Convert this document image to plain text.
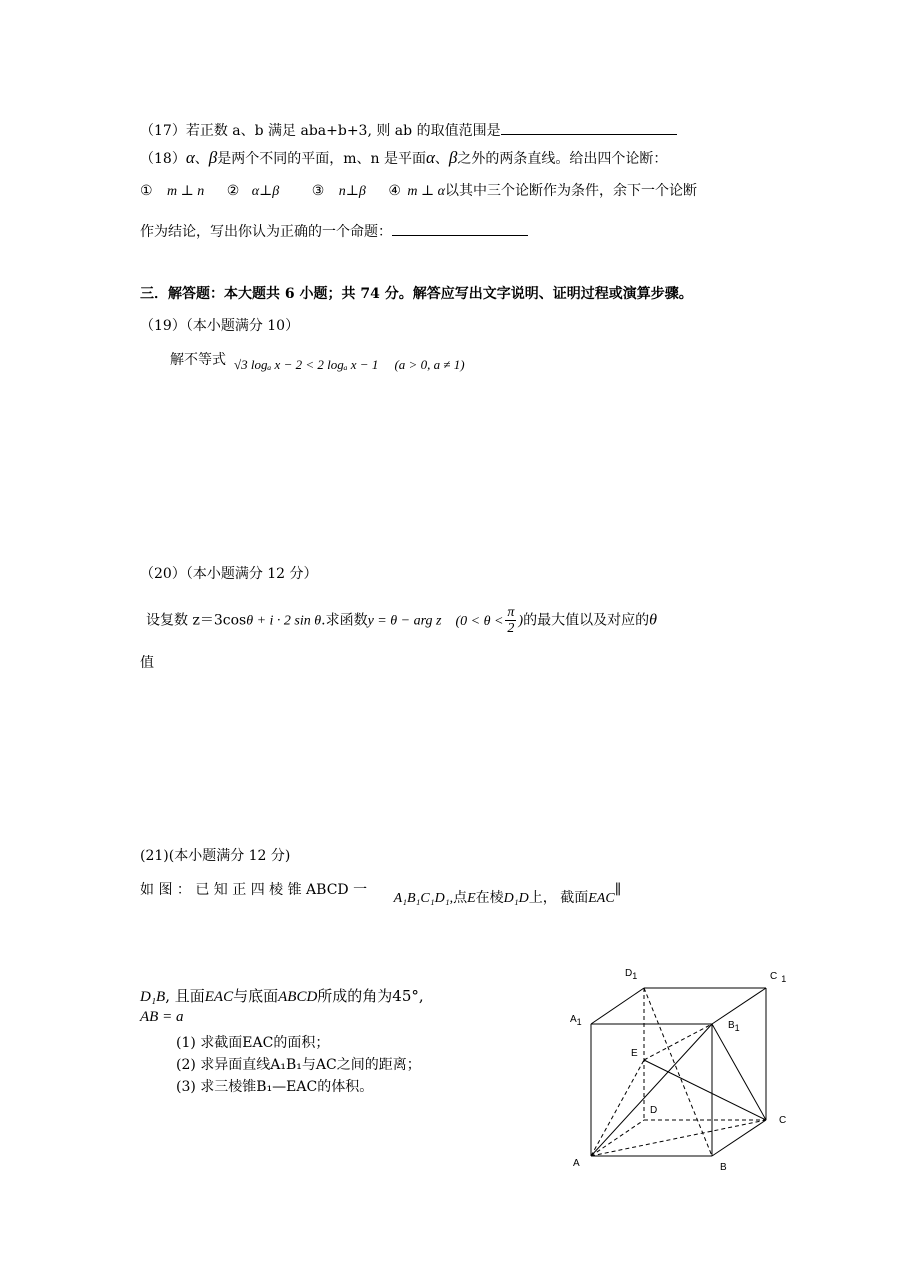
（17）若正数 a、b 满足 aba+b+3, 则 ab 的取值范围是
（18）α、β是两个不同的平面，m、n 是平面α、β之外的两条直线。给出四个论断：
① m ⊥ n ② α⊥β ③ n⊥β ④ m ⊥ α以其中三个论断作为条件，余下一个论断
作为结论，写出你认为正确的一个命题：
三．解答题：本大题共 6 小题；共 74 分。解答应写出文字说明、证明过程或演算步骤。
（19）（本小题满分 10）
解不等式 √3 logₐ x − 2 < 2 logₐ x − 1 (a > 0, a ≠ 1)
（20）（本小题满分 12 分）
设复数 z＝3cosθ + i · 2 sin θ.求函数y = θ − arg z ($0 < \theta < \frac{\pi}{2}$ )的最大值以及对应的θ
值
(21)(本小题满分 12 分)
如 图 ： 已 知 正 四 棱 锥 ABCD 一 A₁B₁C₁D₁,点E在棱D₁D上， 截面EAC∥
D₁B, 且面EAC与底面ABCD所成的角为45°,
AB = a
(1) 求截面EAC的面积；
(2) 求异面直线A₁B₁与AC之间的距离；
(3) 求三棱锥B₁—EAC的体积。
D1	C 1
A1	B1
E
D
C
A	B
